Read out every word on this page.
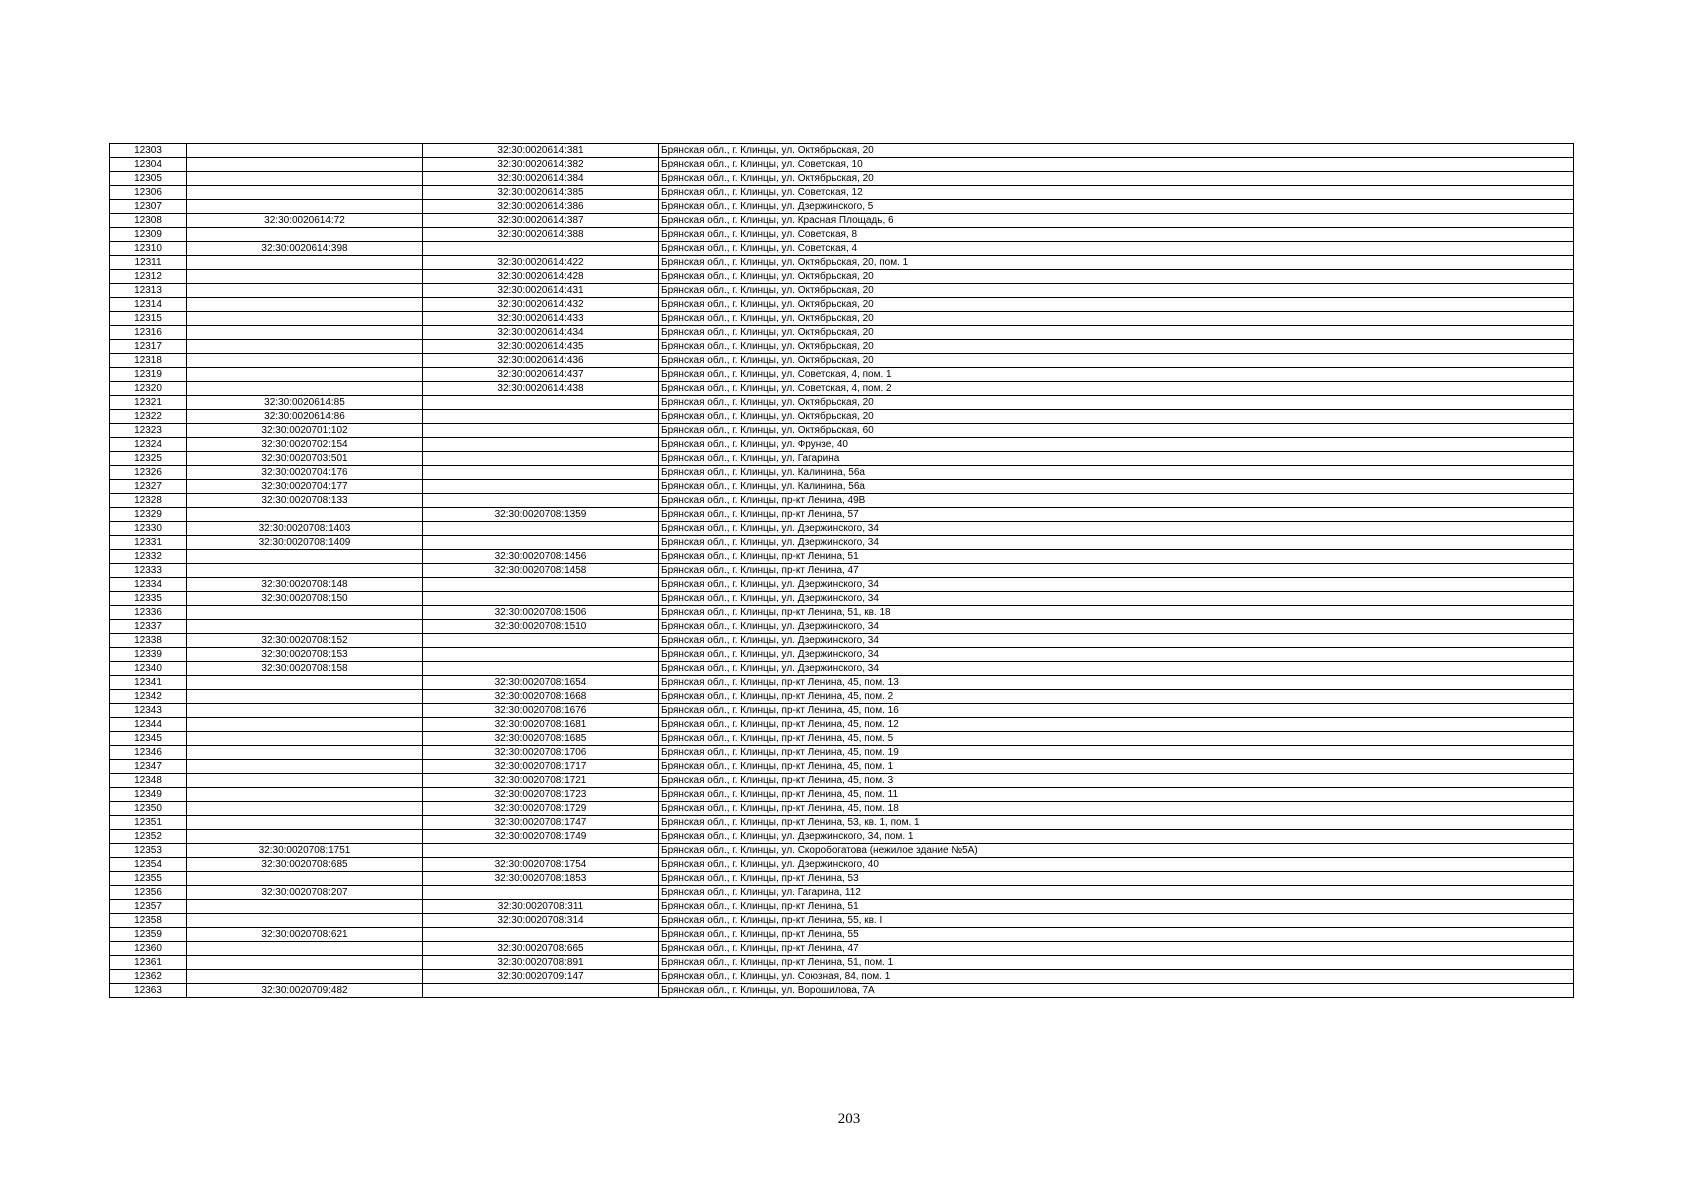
12303		32:30:0020614:381	Брянская обл., г. Клинцы, ул. Октябрьская, 20
12304		32:30:0020614:382	Брянская обл., г. Клинцы, ул. Советская, 10
12305		32:30:0020614:384	Брянская обл., г. Клинцы, ул. Октябрьская, 20
12306		32:30:0020614:385	Брянская обл., г. Клинцы, ул. Советская, 12
12307		32:30:0020614:386	Брянская обл., г. Клинцы, ул. Дзержинского, 5
12308	32:30:0020614:72	32:30:0020614:387	Брянская обл., г. Клинцы, ул. Красная Площадь, 6
12309		32:30:0020614:388	Брянская обл., г. Клинцы, ул. Советская, 8
12310	32:30:0020614:398		Брянская обл., г. Клинцы, ул. Советская, 4
12311		32:30:0020614:422	Брянская обл., г. Клинцы, ул. Октябрьская, 20, пом. 1
12312		32:30:0020614:428	Брянская обл., г. Клинцы, ул. Октябрьская, 20
12313		32:30:0020614:431	Брянская обл., г. Клинцы, ул. Октябрьская, 20
12314		32:30:0020614:432	Брянская обл., г. Клинцы, ул. Октябрьская, 20
12315		32:30:0020614:433	Брянская обл., г. Клинцы, ул. Октябрьская, 20
12316		32:30:0020614:434	Брянская обл., г. Клинцы, ул. Октябрьская, 20
12317		32:30:0020614:435	Брянская обл., г. Клинцы, ул. Октябрьская, 20
12318		32:30:0020614:436	Брянская обл., г. Клинцы, ул. Октябрьская, 20
12319		32:30:0020614:437	Брянская обл., г. Клинцы, ул. Советская, 4, пом. 1
12320		32:30:0020614:438	Брянская обл., г. Клинцы, ул. Советская, 4, пом. 2
12321	32:30:0020614:85		Брянская обл., г. Клинцы, ул. Октябрьская, 20
12322	32:30:0020614:86		Брянская обл., г. Клинцы, ул. Октябрьская, 20
12323	32:30:0020701:102		Брянская обл., г. Клинцы, ул. Октябрьская, 60
12324	32:30:0020702:154		Брянская обл., г. Клинцы, ул. Фрунзе, 40
12325	32:30:0020703:501		Брянская обл., г. Клинцы, ул. Гагарина
12326	32:30:0020704:176		Брянская обл., г. Клинцы, ул. Калинина, 56а
12327	32:30:0020704:177		Брянская обл., г. Клинцы, ул. Калинина, 56а
12328	32:30:0020708:133		Брянская обл., г. Клинцы, пр-кт Ленина, 49В
12329		32:30:0020708:1359	Брянская обл., г. Клинцы, пр-кт Ленина, 57
12330	32:30:0020708:1403		Брянская обл., г. Клинцы, ул. Дзержинского, 34
12331	32:30:0020708:1409		Брянская обл., г. Клинцы, ул. Дзержинского, 34
12332		32:30:0020708:1456	Брянская обл., г. Клинцы, пр-кт Ленина, 51
12333		32:30:0020708:1458	Брянская обл., г. Клинцы, пр-кт Ленина, 47
12334	32:30:0020708:148		Брянская обл., г. Клинцы, ул. Дзержинского, 34
12335	32:30:0020708:150		Брянская обл., г. Клинцы, ул. Дзержинского, 34
12336		32:30:0020708:1506	Брянская обл., г. Клинцы, пр-кт Ленина, 51, кв. 18
12337		32:30:0020708:1510	Брянская обл., г. Клинцы, ул. Дзержинского, 34
12338	32:30:0020708:152		Брянская обл., г. Клинцы, ул. Дзержинского, 34
12339	32:30:0020708:153		Брянская обл., г. Клинцы, ул. Дзержинского, 34
12340	32:30:0020708:158		Брянская обл., г. Клинцы, ул. Дзержинского, 34
12341		32:30:0020708:1654	Брянская обл., г. Клинцы, пр-кт Ленина, 45, пом. 13
12342		32:30:0020708:1668	Брянская обл., г. Клинцы, пр-кт Ленина, 45, пом. 2
12343		32:30:0020708:1676	Брянская обл., г. Клинцы, пр-кт Ленина, 45, пом. 16
12344		32:30:0020708:1681	Брянская обл., г. Клинцы, пр-кт Ленина, 45, пом. 12
12345		32:30:0020708:1685	Брянская обл., г. Клинцы, пр-кт Ленина, 45, пом. 5
12346		32:30:0020708:1706	Брянская обл., г. Клинцы, пр-кт Ленина, 45, пом. 19
12347		32:30:0020708:1717	Брянская обл., г. Клинцы, пр-кт Ленина, 45, пом. 1
12348		32:30:0020708:1721	Брянская обл., г. Клинцы, пр-кт Ленина, 45, пом. 3
12349		32:30:0020708:1723	Брянская обл., г. Клинцы, пр-кт Ленина, 45, пом. 11
12350		32:30:0020708:1729	Брянская обл., г. Клинцы, пр-кт Ленина, 45, пом. 18
12351		32:30:0020708:1747	Брянская обл., г. Клинцы, пр-кт Ленина, 53, кв. 1, пом. 1
12352		32:30:0020708:1749	Брянская обл., г. Клинцы, ул. Дзержинского, 34, пом. 1
12353	32:30:0020708:1751		Брянская обл., г. Клинцы, ул. Скоробогатова (нежилое здание №5А)
12354	32:30:0020708:685	32:30:0020708:1754	Брянская обл., г. Клинцы, ул. Дзержинского, 40
12355		32:30:0020708:1853	Брянская обл., г. Клинцы, пр-кт Ленина, 53
12356	32:30:0020708:207		Брянская обл., г. Клинцы, ул. Гагарина, 112
12357		32:30:0020708:311	Брянская обл., г. Клинцы, пр-кт Ленина, 51
12358		32:30:0020708:314	Брянская обл., г. Клинцы, пр-кт Ленина, 55, кв. I
12359	32:30:0020708:621		Брянская обл., г. Клинцы, пр-кт Ленина, 55
12360		32:30:0020708:665	Брянская обл., г. Клинцы, пр-кт Ленина, 47
12361		32:30:0020708:891	Брянская обл., г. Клинцы, пр-кт Ленина, 51, пом. 1
12362		32:30:0020709:147	Брянская обл., г. Клинцы, ул. Союзная, 84, пом. 1
12363	32:30:0020709:482		Брянская обл., г. Клинцы, ул. Ворошилова, 7А
203
